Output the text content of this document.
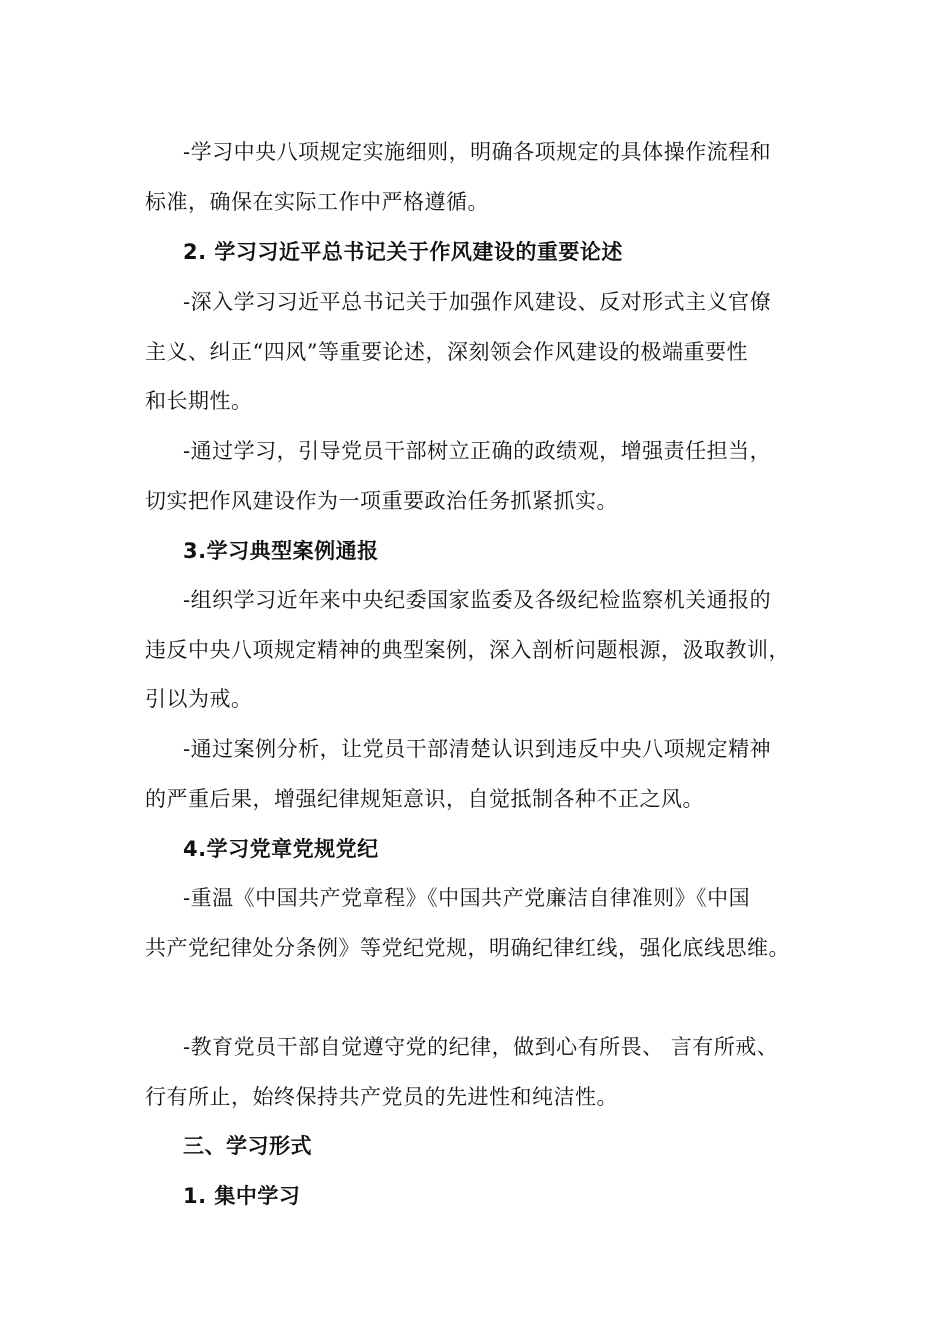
-学习中央八项规定实施细则，明确各项规定的具体操作流程和
标准，确保在实际工作中严格遵循。
2. 学习习近平总书记关于作风建设的重要论述
-深入学习习近平总书记关于加强作风建设、反对形式主义官僚
主义、纠正“四风”等重要论述，深刻领会作风建设的极端重要性
和长期性。
-通过学习，引导党员干部树立正确的政绩观，增强责任担当，
切实把作风建设作为一项重要政治任务抓紧抓实。
3.学习典型案例通报
-组织学习近年来中央纪委国家监委及各级纪检监察机关通报的
违反中央八项规定精神的典型案例，深入剖析问题根源，汲取教训，
引以为戒。
-通过案例分析，让党员干部清楚认识到违反中央八项规定精神
的严重后果，增强纪律规矩意识，自觉抵制各种不正之风。
4.学习党章党规党纪
-重温《中国共产党章程》《中国共产党廉洁自律准则》《中国
共产党纪律处分条例》等党纪党规，明确纪律红线，强化底线思维。
-教育党员干部自觉遵守党的纪律，做到心有所畏、 言有所戒、
行有所止，始终保持共产党员的先进性和纯洁性。
三、学习形式
1. 集中学习
